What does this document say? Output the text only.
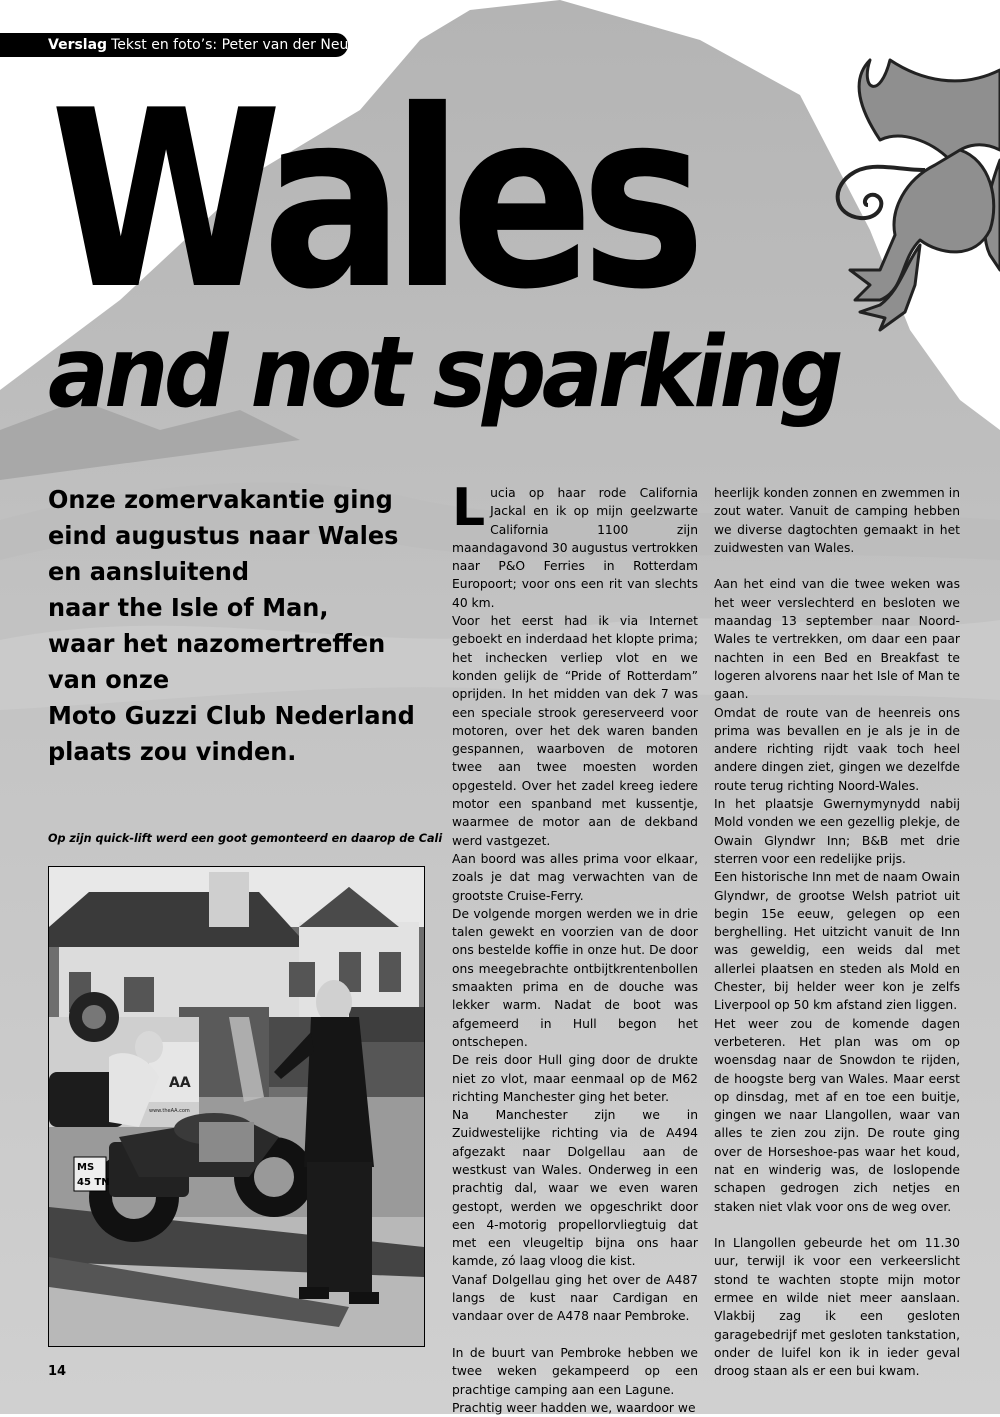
Verslag Tekst en foto’s: Peter van der Neut
Wales
and not sparking
Onze zomervakantie ging
eind augustus naar Wales
en aansluitend
naar the Isle of Man,
waar het nazomertreffen
van onze
Moto Guzzi Club Nederland
plaats zou vinden.
Op zijn quick-lift werd een goot gemonteerd en daarop de Cali
AA
www.theAA.com
MS
45 TN

Lucia op haar rode California Jackal en ik op mijn geelzwarte California 1100 zijn maandagavond 30 augustus vertrokken naar P&O Ferries in Rotterdam Europoort; voor ons een rit van slechts 40 km.

Voor het eerst had ik via Internet geboekt en inderdaad het klopte prima; het inchecken verliep vlot en we konden gelijk de “Pride of Rotterdam” oprijden. In het midden van dek 7 was een speciale strook gereserveerd voor motoren, over het dek waren banden gespannen, waarboven de motoren twee aan twee moesten worden opgesteld. Over het zadel kreeg iedere motor een spanband met kussentje, waarmee de motor aan de dekband werd vastgezet.

Aan boord was alles prima voor elkaar, zoals je dat mag verwachten van de grootste Cruise-Ferry.

De volgende morgen werden we in drie talen gewekt en voorzien van de door ons bestelde koffie in onze hut. De door ons meegebrachte ontbijtkrentenbollen smaakten prima en de douche was lekker warm. Nadat de boot was afgemeerd in Hull begon het ontschepen.

De reis door Hull ging door de drukte niet zo vlot, maar eenmaal op de M62 richting Manchester ging het beter.

Na Manchester zijn we in Zuidwestelijke richting via de A494 afgezakt naar Dolgellau aan de westkust van Wales. Onderweg in een prachtig dal, waar we even waren gestopt, werden we opgeschrikt door een 4-motorig propellorvliegtuig dat met een vleugeltip bijna ons haar kamde, zó laag vloog die kist.

Vanaf Dolgellau ging het over de A487 langs de kust naar Cardigan en vandaar over de A478 naar Pembroke.

In de buurt van Pembroke hebben we twee weken gekampeerd op een prachtige camping aan een Lagune.

Prachtig weer hadden we, waardoor we

heerlijk konden zonnen en zwemmen in zout water. Vanuit de camping hebben we diverse dagtochten gemaakt in het zuidwesten van Wales.

Aan het eind van die twee weken was het weer verslechterd en besloten we maandag 13 september naar Noord-Wales te vertrekken, om daar een paar nachten in een Bed en Breakfast te logeren alvorens naar het Isle of Man te gaan.

Omdat de route van de heenreis ons prima was bevallen en je als je in de andere richting rijdt vaak toch heel andere dingen ziet, gingen we dezelfde route terug richting Noord-Wales.

In het plaatsje Gwernymynydd nabij Mold vonden we een gezellig plekje, de Owain Glyndwr Inn; B&B met drie sterren voor een redelijke prijs.

Een historische Inn met de naam Owain Glyndwr, de grootse Welsh patriot uit begin 15e eeuw, gelegen op een berghelling. Het uitzicht vanuit de Inn was geweldig, een weids dal met allerlei plaatsen en steden als Mold en Chester, bij helder weer kon je zelfs Liverpool op 50 km afstand zien liggen.

Het weer zou de komende dagen verbeteren. Het plan was om op woensdag naar de Snowdon te rijden, de hoogste berg van Wales. Maar eerst op dinsdag, met af en toe een buitje, gingen we naar Llangollen, waar van alles te zien zou zijn. De route ging over de Horseshoe-pas waar het koud, nat en winderig was, de loslopende schapen gedrogen zich netjes en staken niet vlak voor ons de weg over.

In Llangollen gebeurde het om 11.30 uur, terwijl ik voor een verkeerslicht stond te wachten stopte mijn motor ermee en wilde niet meer aanslaan. Vlakbij zag ik een gesloten garagebedrijf met gesloten tankstation, onder de luifel kon ik in ieder geval droog staan als er een bui kwam.

14
